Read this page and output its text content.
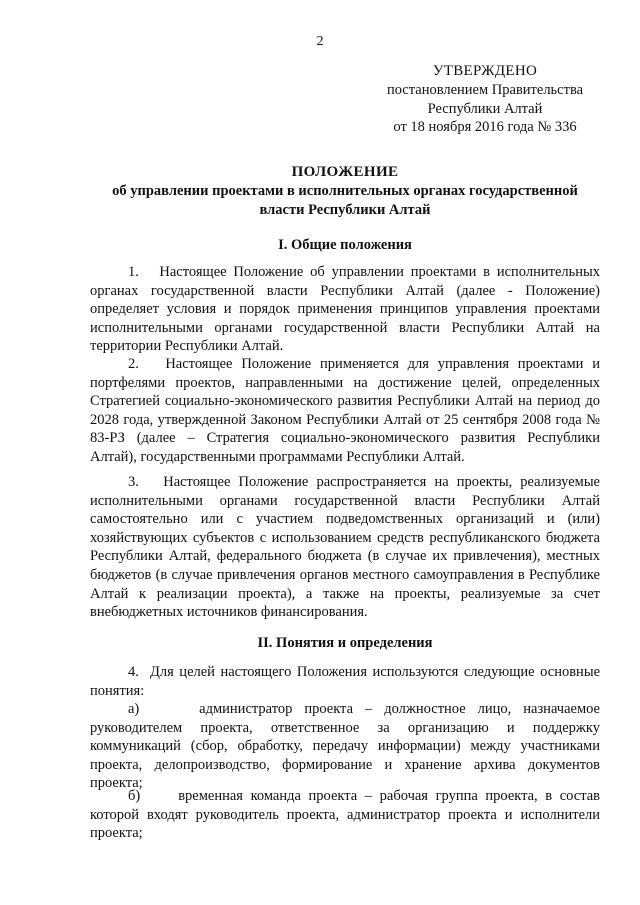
2
УТВЕРЖДЕНО
постановлением Правительства
Республики Алтай
от 18 ноября 2016 года № 336
ПОЛОЖЕНИЕ
об управлении проектами в исполнительных органах государственной
власти Республики Алтай
I. Общие положения

1. Настоящее Положение об управлении проектами в исполнительных органах государственной власти Республики Алтай (далее - Положение) определяет условия и порядок применения принципов управления проектами исполнительными органами государственной власти Республики Алтай на территории Республики Алтай.

2. Настоящее Положение применяется для управления проектами и портфелями проектов, направленными на достижение целей, определенных Стратегией социально-экономического развития Республики Алтай на период до 2028 года, утвержденной Законом Республики Алтай от 25 сентября 2008 года № 83-РЗ (далее – Стратегия социально-экономического развития Республики Алтай), государственными программами Республики Алтай.

3. Настоящее Положение распространяется на проекты, реализуемые исполнительными органами государственной власти Республики Алтай самостоятельно или с участием подведомственных организаций и (или) хозяйствующих субъектов с использованием средств республиканского бюджета Республики Алтай, федерального бюджета (в случае их привлечения), местных бюджетов (в случае привлечения органов местного самоуправления в Республике Алтай к реализации проекта), а также на проекты, реализуемые за счет внебюджетных источников финансирования.

II. Понятия и определения

4. Для целей настоящего Положения используются следующие основные понятия:

а)	администратор проекта – должностное лицо, назначаемое руководителем проекта, ответственное за организацию и поддержку коммуникаций (сбор, обработку, передачу информации) между участниками проекта, делопроизводство, формирование и хранение архива документов проекта;

б)	временная команда проекта – рабочая группа проекта, в состав которой входят руководитель проекта, администратор проекта и исполнители проекта;
